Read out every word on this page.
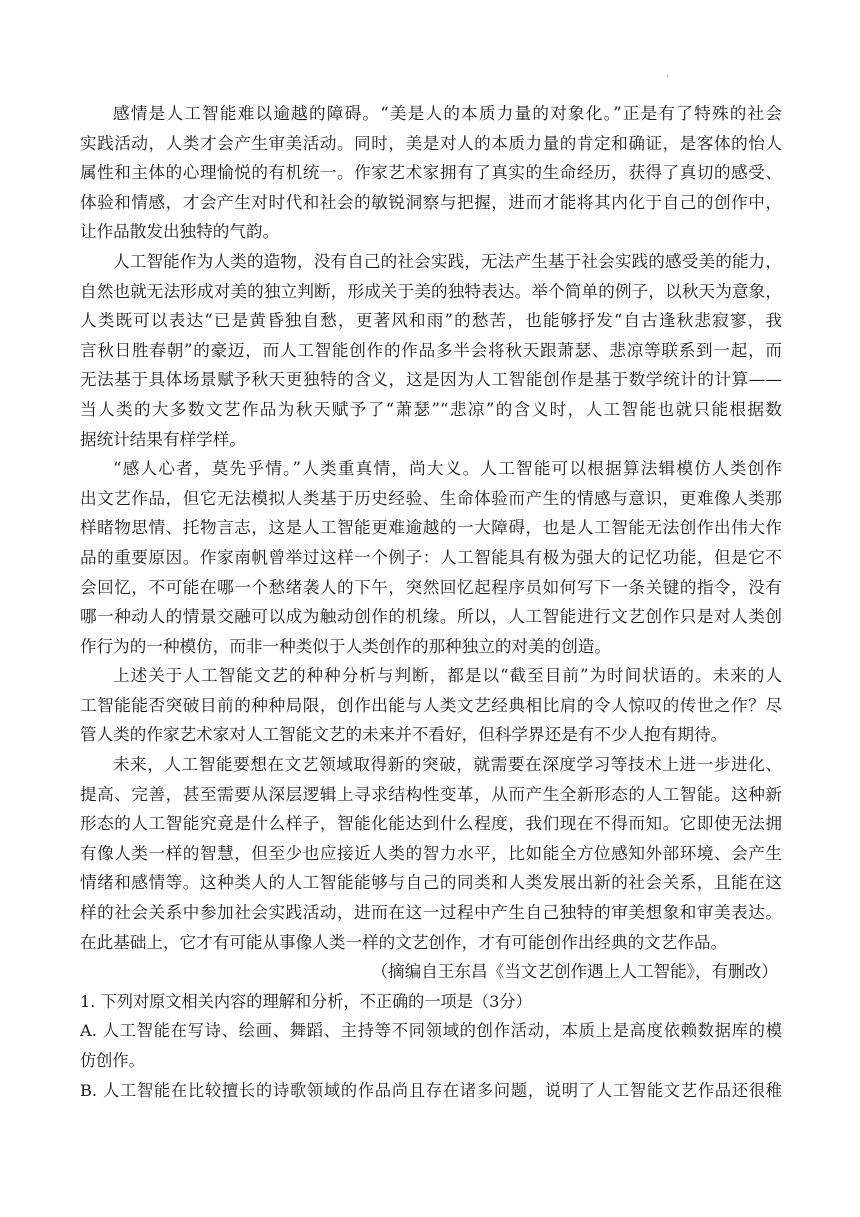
·
感情是人工智能难以逾越的障碍。“美是人的本质力量的对象化。”正是有了特殊的社会
实践活动，人类才会产生审美活动。同时，美是对人的本质力量的肯定和确证，是客体的怡人
属性和主体的心理愉悦的有机统一。作家艺术家拥有了真实的生命经历，获得了真切的感受、
体验和情感，才会产生对时代和社会的敏锐洞察与把握，进而才能将其内化于自己的创作中，
让作品散发出独特的气韵。
人工智能作为人类的造物，没有自己的社会实践，无法产生基于社会实践的感受美的能力，
自然也就无法形成对美的独立判断，形成关于美的独特表达。举个简单的例子，以秋天为意象，
人类既可以表达“已是黄昏独自愁，更著风和雨”的愁苦，也能够抒发“自古逢秋悲寂寥，我
言秋日胜春朝”的豪迈，而人工智能创作的作品多半会将秋天跟萧瑟、悲凉等联系到一起，而
无法基于具体场景赋予秋天更独特的含义，这是因为人工智能创作是基于数学统计的计算——
当人类的大多数文艺作品为秋天赋予了“萧瑟”“悲凉”的含义时，人工智能也就只能根据数
据统计结果有样学样。
“感人心者，莫先乎情。”人类重真情，尚大义。人工智能可以根据算法辑模仿人类创作
出文艺作品，但它无法模拟人类基于历史经验、生命体验而产生的情感与意识，更难像人类那
样睹物思情、托物言志，这是人工智能更难逾越的一大障碍，也是人工智能无法创作出伟大作
品的重要原因。作家南帆曾举过这样一个例子：人工智能具有极为强大的记忆功能，但是它不
会回忆，不可能在哪一个愁绪袭人的下午，突然回忆起程序员如何写下一条关键的指令，没有
哪一种动人的情景交融可以成为触动创作的机缘。所以，人工智能进行文艺创作只是对人类创
作行为的一种模仿，而非一种类似于人类创作的那种独立的对美的创造。
上述关于人工智能文艺的种种分析与判断，都是以“截至目前”为时间状语的。未来的人
工智能能否突破目前的种种局限，创作出能与人类文艺经典相比肩的令人惊叹的传世之作？尽
管人类的作家艺术家对人工智能文艺的未来并不看好，但科学界还是有不少人抱有期待。
未来，人工智能要想在文艺领域取得新的突破，就需要在深度学习等技术上进一步进化、
提高、完善，甚至需要从深层逻辑上寻求结构性变革，从而产生全新形态的人工智能。这种新
形态的人工智能究竟是什么样子，智能化能达到什么程度，我们现在不得而知。它即使无法拥
有像人类一样的智慧，但至少也应接近人类的智力水平，比如能全方位感知外部环境、会产生
情绪和感情等。这种类人的人工智能能够与自己的同类和人类发展出新的社会关系，且能在这
样的社会关系中参加社会实践活动，进而在这一过程中产生自己独特的审美想象和审美表达。
在此基础上，它才有可能从事像人类一样的文艺创作，才有可能创作出经典的文艺作品。
（摘编自王东昌《当文艺创作遇上人工智能》，有删改）
1. 下列对原文相关内容的理解和分析，不正确的一项是（3分）
A. 人工智能在写诗、绘画、舞蹈、主持等不同领域的创作活动，本质上是高度依赖数据库的模
仿创作。
B. 人工智能在比较擅长的诗歌领域的作品尚且存在诸多问题，说明了人工智能文艺作品还很稚
